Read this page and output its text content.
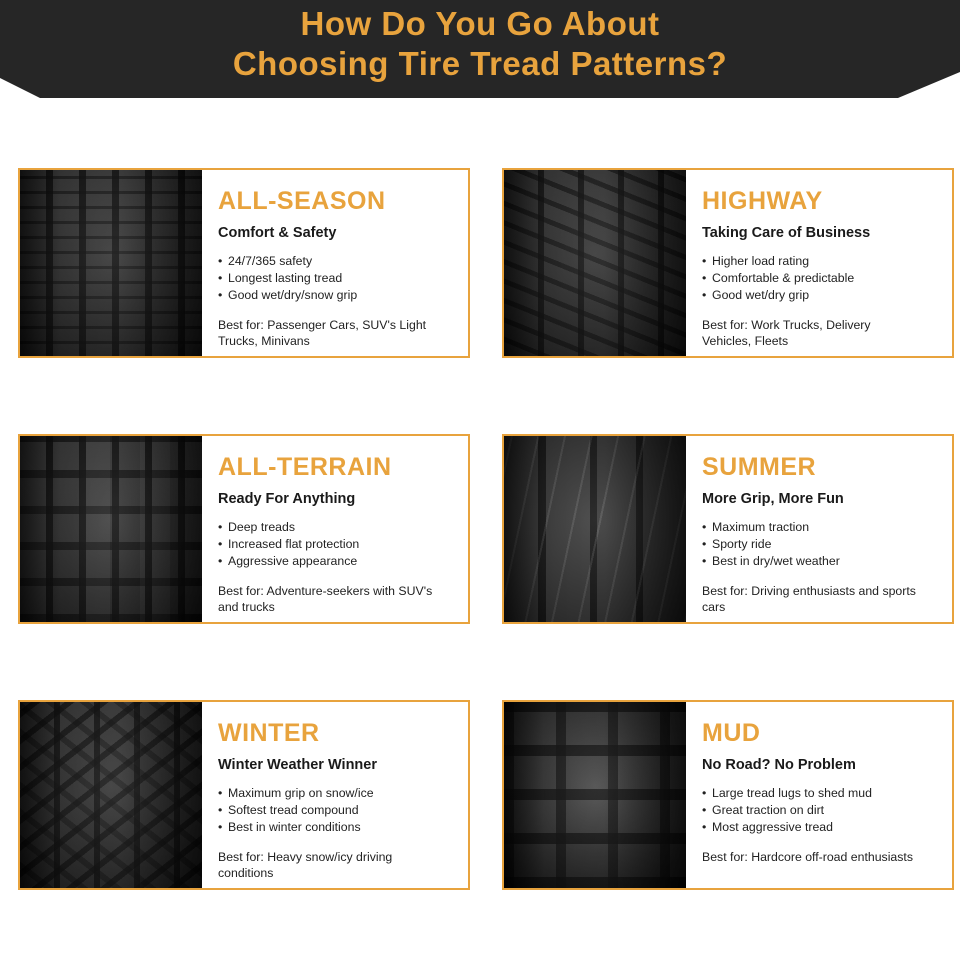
How Do You Go About
Choosing Tire Tread Patterns?
ALL-SEASON
Comfort & Safety
• 24/7/365 safety
• Longest lasting tread
• Good wet/dry/snow grip
Best for: Passenger Cars, SUV's Light Trucks, Minivans
HIGHWAY
Taking Care of Business
• Higher load rating
• Comfortable & predictable
• Good wet/dry grip
Best for: Work Trucks, Delivery Vehicles, Fleets
ALL-TERRAIN
Ready For Anything
• Deep treads
• Increased flat protection
• Aggressive appearance
Best for: Adventure-seekers with SUV's and trucks
SUMMER
More Grip, More Fun
• Maximum traction
• Sporty ride
• Best in dry/wet weather
Best for: Driving enthusiasts and sports cars
WINTER
Winter Weather Winner
• Maximum grip on snow/ice
• Softest tread compound
• Best in winter conditions
Best for: Heavy snow/icy driving conditions
MUD
No Road? No Problem
• Large tread lugs to shed mud
• Great traction on dirt
• Most aggressive tread
Best for: Hardcore off-road enthusiasts
